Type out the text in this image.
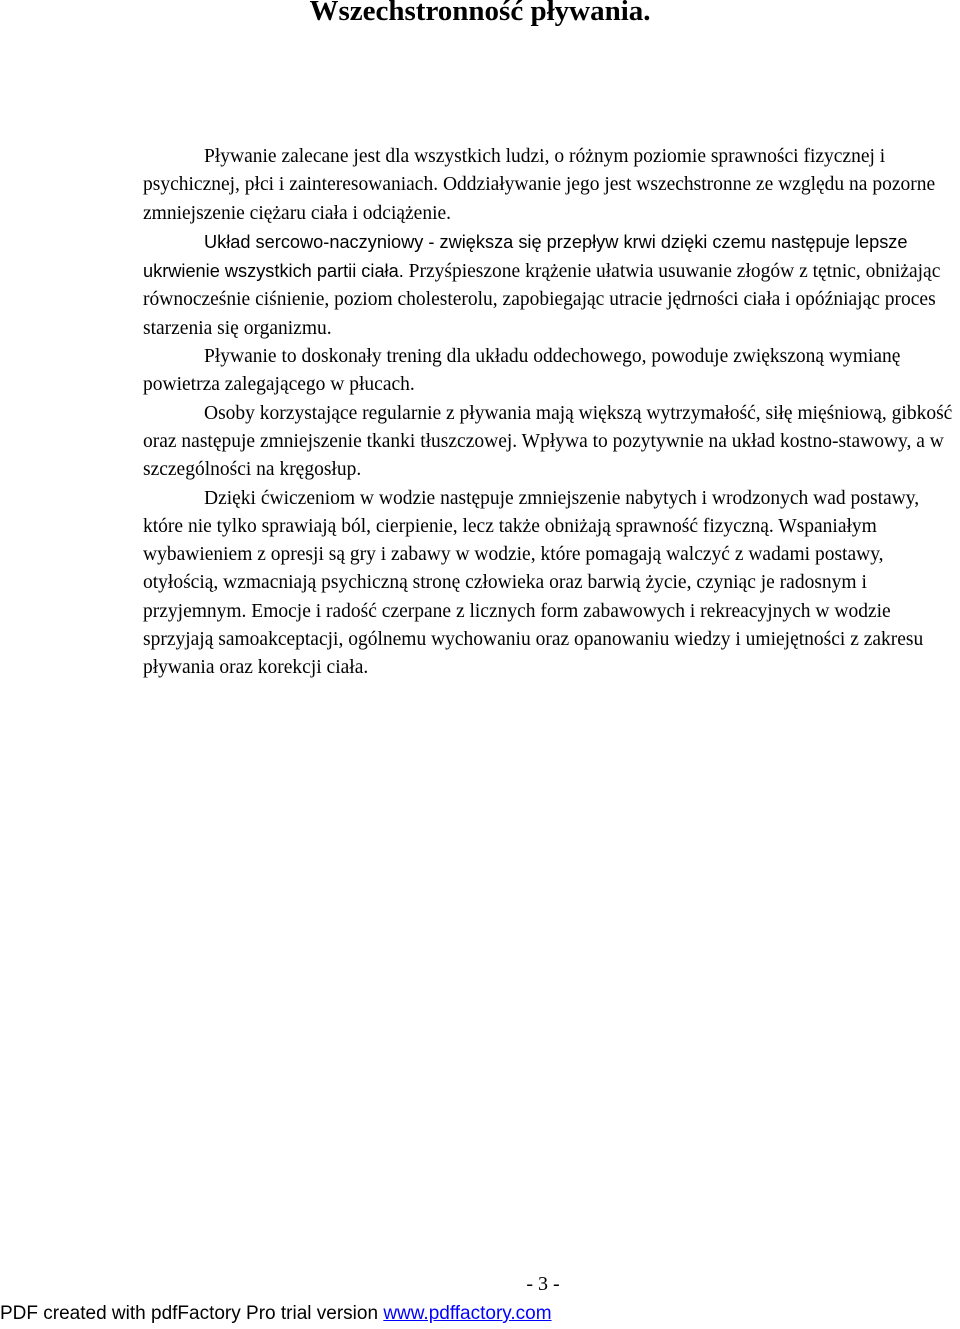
Wszechstronność pływania.

Pływanie zalecane jest dla wszystkich ludzi, o różnym poziomie sprawności fizycznej i psychicznej, płci i zainteresowaniach. Oddziaływanie jego jest wszechstronne ze względu na pozorne zmniejszenie ciężaru ciała i odciążenie.

Układ sercowo-naczyniowy - zwiększa się przepływ krwi dzięki czemu następuje lepsze ukrwienie wszystkich partii ciała. Przyśpieszone krążenie ułatwia usuwanie złogów z tętnic, obniżając równocześnie ciśnienie, poziom cholesterolu, zapobiegając utracie jędrności ciała i opóźniając proces starzenia się organizmu.

Pływanie to doskonały trening dla układu oddechowego, powoduje zwiększoną wymianę powietrza zalegającego w płucach.

Osoby korzystające regularnie z pływania mają większą wytrzymałość, siłę mięśniową, gibkość oraz następuje zmniejszenie tkanki tłuszczowej. Wpływa to pozytywnie na układ kostno-stawowy, a w szczególności na kręgosłup.

Dzięki ćwiczeniom w wodzie następuje zmniejszenie nabytych i wrodzonych wad postawy, które nie tylko sprawiają ból, cierpienie, lecz także obniżają sprawność fizyczną. Wspaniałym wybawieniem z opresji są gry i zabawy w wodzie, które pomagają walczyć z wadami postawy, otyłością, wzmacniają psychiczną stronę człowieka oraz barwią życie, czyniąc je radosnym i przyjemnym. Emocje i radość czerpane z licznych form zabawowych i rekreacyjnych w wodzie sprzyjają samoakceptacji, ogólnemu wychowaniu oraz opanowaniu wiedzy i umiejętności z zakresu pływania oraz korekcji ciała.

- 3 -
PDF created with pdfFactory Pro trial version www.pdffactory.com
